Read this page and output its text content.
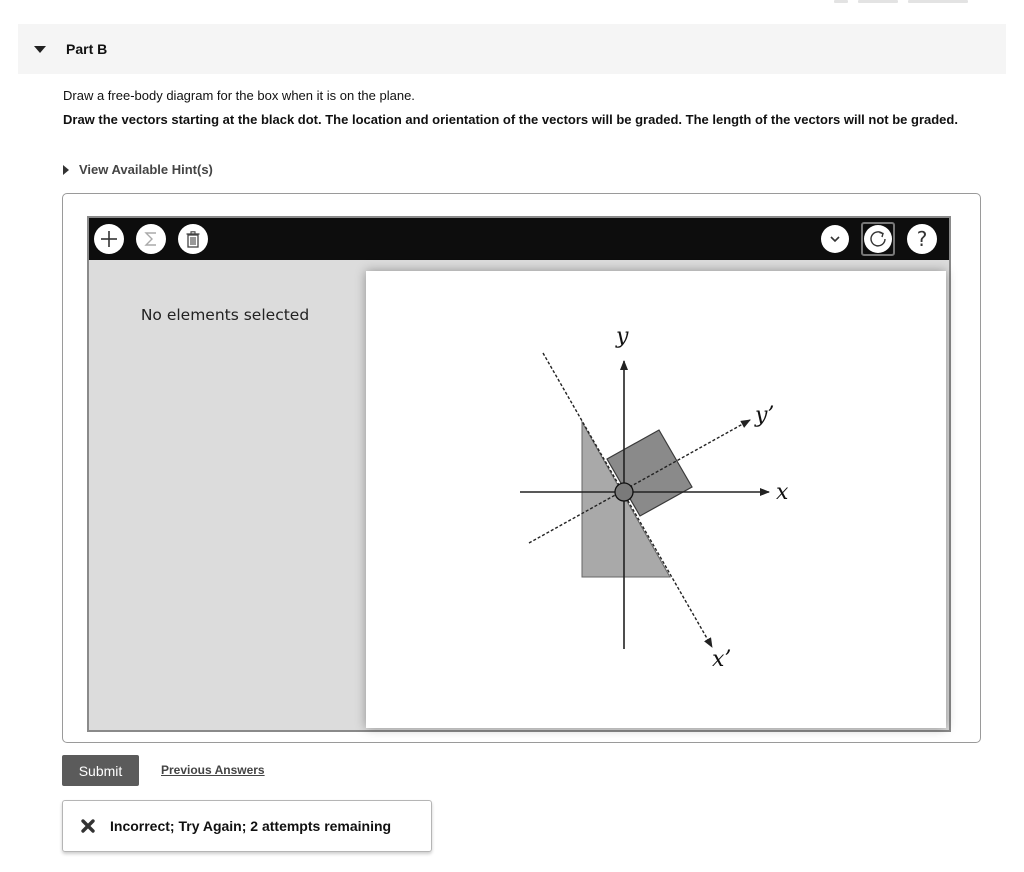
Part B
Draw a free-body diagram for the box when it is on the plane.
Draw the vectors starting at the black dot. The location and orientation of the vectors will be graded. The length of the vectors will not be graded.
View Available Hint(s)
?
No elements selected
y
x
y’
x’
Submit	Previous Answers
Incorrect; Try Again; 2 attempts remaining
